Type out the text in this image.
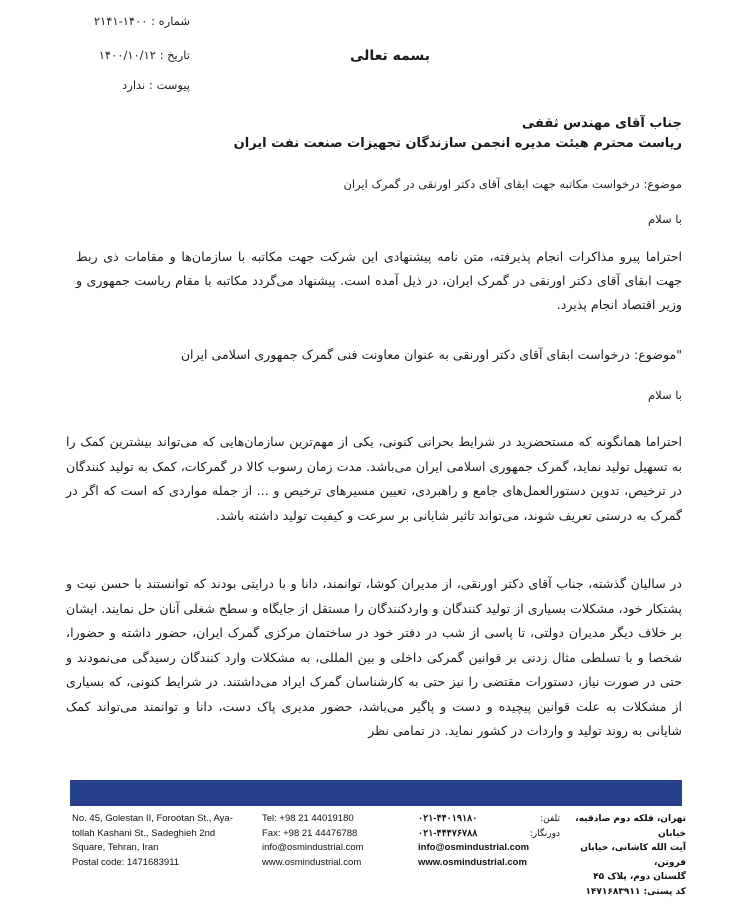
شماره : ۱۴۰۰-۲۱۴۱
تاریخ : ۱۴۰۰/۱۰/۱۲
پیوست : ندارد
بسمه تعالی
جناب آقای مهندس ثقفی
ریاست محترم هیئت مدیره انجمن سازندگان تجهیزات صنعت نفت ایران
موضوع: درخواست مکاتبه جهت ابقای آقای دکتر اورنقی در گمرک ایران
با سلام
احتراما پیرو مذاکرات انجام پذیرفته، متن نامه پیشنهادی این شرکت جهت مکاتبه با سازمان‌ها و مقامات ذی ربط جهت ابقای آقای دکتر اورنقی در گمرک ایران، در ذیل آمده است. پیشنهاد می‌گردد مکاتبه با مقام ریاست جمهوری و وزیر اقتصاد انجام پذیرد.
"موضوع: درخواست ابقای آقای دکتر اورنقی به عنوان معاونت فنی گمرک جمهوری اسلامی ایران
با سلام
احتراما همانگونه که مستحضرید در شرایط بحرانی کنونی، یکی از مهم‌ترین سازمان‌هایی که می‌تواند بیشترین کمک را به تسهیل تولید نماید، گمرک جمهوری اسلامی ایران می‌باشد. مدت زمان رسوب کالا در گمرکات، کمک به تولید کنندگان در ترخیص، تدوین دستورالعمل‌های جامع و راهبردی، تعیین مسیرهای ترخیص و ... از جمله مواردی که است که اگر در گمرک به درستی تعریف شوند، می‌تواند تاثیر شایانی بر سرعت و کیفیت تولید داشته باشد.
در سالیان گذشته، جناب آقای دکتر اورنقی، از مدیران کوشا، توانمند، دانا و با درایتی بودند که توانستند با حسن نیت و پشتکار خود، مشکلات بسیاری از تولید کنندگان و واردکنندگان را مستقل از جایگاه و سطح شغلی آنان حل نمایند. ایشان بر خلاف دیگر مدیران دولتی، تا پاسی از شب در دفتر خود در ساختمان مرکزی گمرک ایران، حضور داشته و حضورا، شخصا و با تسلطی مثال زدنی بر قوانین گمرکی داخلی و بین المللی، به مشکلات وارد کنندگان رسیدگی می‌نمودند و حتی در صورت نیاز، دستورات مقتضی را نیز حتی به کارشناسان گمرک ایراد می‌داشتند. در شرایط کنونی، که بسیاری از مشکلات به علت قوانین پیچیده و دست و پاگیر می‌باشد، حضور مدیری پاک دست، دانا و توانمند می‌تواند کمک شایانی به روند تولید و واردات در کشور نماید. در تمامی نظر
No. 45, Golestan II, Forootan St., Aya-
tollah Kashani St., Sadeghieh 2nd
Square, Tehran, Iran
Postal code: 1471683911
Tel: +98 21 44019180
Fax: +98 21 44476788
info@osmindustrial.com
www.osmindustrial.com
۰۲۱-۴۴۰۱۹۱۸۰
۰۲۱-۴۴۴۷۶۷۸۸
info@osmindustrial.com
www.osmindustrial.com
تلفن:
دورنگار:
تهران، فلکه دوم صادقیه، خیابان
آیت الله کاشانی، خیابان فروتن،
گلستان دوم، پلاک ۴۵
کد پستی: ۱۴۷۱۶۸۳۹۱۱
